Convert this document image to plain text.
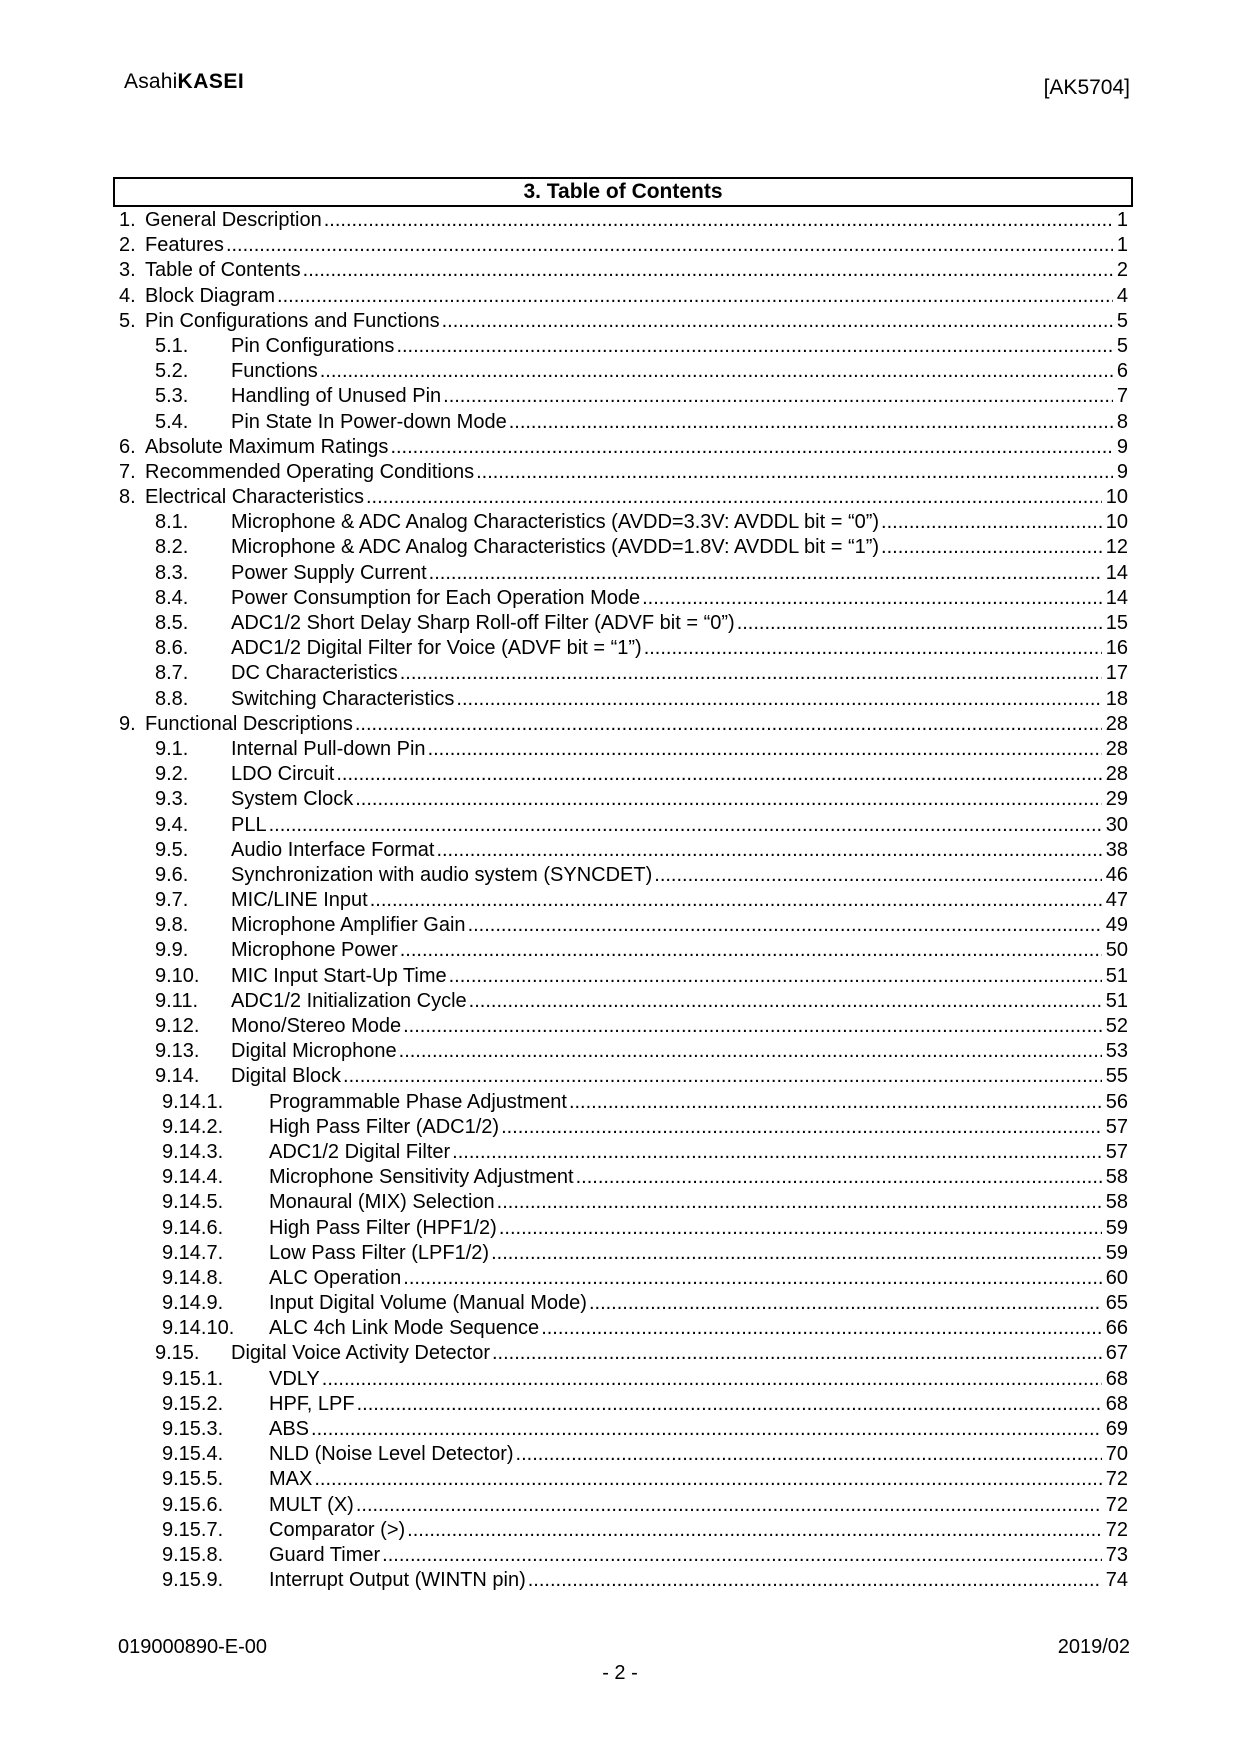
AsahiKASEI	[AK5704]
3. Table of Contents
1. General Description .....	1
2. Features .....	1
3. Table of Contents .....	2
4. Block Diagram .....	4
5. Pin Configurations and Functions .....	5
5.1.	Pin Configurations .....	5
5.2.	Functions .....	6
5.3.	Handling of Unused Pin .....	7
5.4.	Pin State In Power-down Mode .....	8
6. Absolute Maximum Ratings .....	9
7. Recommended Operating Conditions .....	9
8. Electrical Characteristics .....	10
8.1.	Microphone & ADC Analog Characteristics (AVDD=3.3V: AVDDL bit = “0”) .....	10
8.2.	Microphone & ADC Analog Characteristics (AVDD=1.8V: AVDDL bit = “1”) .....	12
8.3.	Power Supply Current .....	14
8.4.	Power Consumption for Each Operation Mode .....	14
8.5.	ADC1/2 Short Delay Sharp Roll-off Filter (ADVF bit = “0”) .....	15
8.6.	ADC1/2 Digital Filter for Voice (ADVF bit = “1”) .....	16
8.7.	DC Characteristics .....	17
8.8.	Switching Characteristics .....	18
9. Functional Descriptions .....	28
9.1.	Internal Pull-down Pin .....	28
9.2.	LDO Circuit .....	28
9.3.	System Clock .....	29
9.4.	PLL .....	30
9.5.	Audio Interface Format .....	38
9.6.	Synchronization with audio system (SYNCDET) .....	46
9.7.	MIC/LINE Input .....	47
9.8.	Microphone Amplifier Gain .....	49
9.9.	Microphone Power .....	50
9.10.	MIC Input Start-Up Time .....	51
9.11.	ADC1/2 Initialization Cycle .....	51
9.12.	Mono/Stereo Mode .....	52
9.13.	Digital Microphone .....	53
9.14.	Digital Block .....	55
9.14.1.	Programmable Phase Adjustment .....	56
9.14.2.	High Pass Filter (ADC1/2) .....	57
9.14.3.	ADC1/2 Digital Filter .....	57
9.14.4.	Microphone Sensitivity Adjustment .....	58
9.14.5.	Monaural (MIX) Selection .....	58
9.14.6.	High Pass Filter (HPF1/2) .....	59
9.14.7.	Low Pass Filter (LPF1/2) .....	59
9.14.8.	ALC Operation .....	60
9.14.9.	Input Digital Volume (Manual Mode) .....	65
9.14.10.	ALC 4ch Link Mode Sequence .....	66
9.15.	Digital Voice Activity Detector .....	67
9.15.1.	VDLY .....	68
9.15.2.	HPF, LPF .....	68
9.15.3.	ABS .....	69
9.15.4.	NLD (Noise Level Detector) .....	70
9.15.5.	MAX .....	72
9.15.6.	MULT (X) .....	72
9.15.7.	Comparator (>) .....	72
9.15.8.	Guard Timer .....	73
9.15.9.	Interrupt Output (WINTN pin) .....	74
019000890-E-00	2019/02
- 2 -
